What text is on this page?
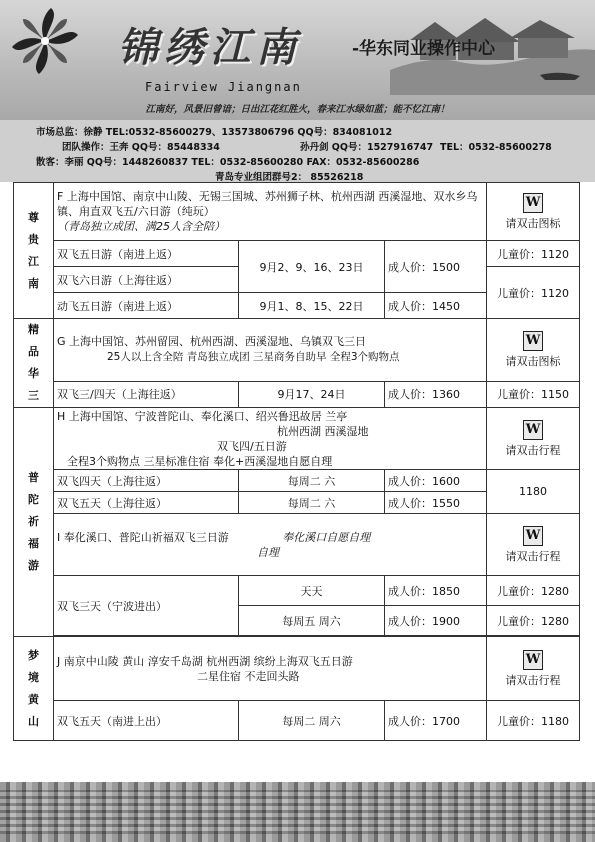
锦绣江南	-华东同业操作中心
Fairview Jiangnan
江南好，风景旧曾谙；日出江花红胜火，春来江水绿如蓝；能不忆江南！
市场总监：徐静 TEL:0532-85600279、13573806796 QQ号：834081012
团队操作：王奔 QQ号：85448334	孙丹剑 QQ号：1527916747 TEL：0532-85600278
散客：李丽 QQ号：1448260837 TEL：0532-85600280 FAX：0532-85600286
青岛专业组团群号2： 85526218
尊
贵
江
南	F 上海中国馆、南京中山陵、无锡三国城、苏州狮子林、杭州西湖 西溪湿地、双水乡乌镇、甪直双飞五/六日游（纯玩）
（青岛独立成团、满25人含全陪）			W
请双击图标
	双飞五日游（南进上返）	9月2、9、16、23日	成人价：1500	儿童价：1120
	双飞六日游（上海往返）			儿童价：1120
	动飞五日游（南进上返）	9月1、8、15、22日	成人价：1450	
精
品
华
三	G 上海中国馆、苏州留园、杭州西湖、西溪湿地、乌镇双飞三日
25人以上含全陪 青岛独立成团 三星商务自助早 全程3个购物点			W
请双击图标
	双飞三/四天（上海往返）	9月17、24日	成人价：1360	儿童价：1150
普
陀
祈
福
游	H 上海中国馆、宁波普陀山、奉化溪口、绍兴鲁迅故居 兰亭
杭州西湖 西溪湿地
双飞四/五日游
全程3个购物点 三星标准住宿 奉化+西溪湿地自愿自理			W
请双击行程
	双飞四天（上海往返）	每周二 六	成人价：1600	1180
	双飞五天（上海往返）	每周二 六	成人价：1550	
	I 奉化溪口、普陀山祈福双飞三日游 奉化溪口自愿自理
自理			W
请双击行程
	双飞三天（宁波进出）	天天	成人价：1850	儿童价：1280
		每周五 周六	成人价：1900	儿童价：1280

梦
境
黄
山	J 南京中山陵 黄山 淳安千岛湖 杭州西湖 缤纷上海双飞五日游
二星住宿 不走回头路			W
请双击行程
	双飞五天（南进上出）	每周二 周六	成人价：1700	儿童价：1180
